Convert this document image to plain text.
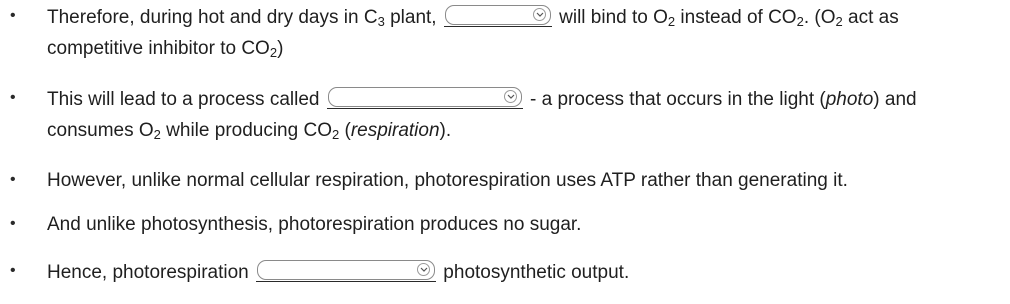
• Therefore, during hot and dry days in $C_3$ plant,	will bind to $O_2$ instead of $CO_2$. ($O_2$ act as
competitive inhibitor to $CO_2$)
• This will lead to a process called	- a process that occurs in the light (photo) and
consumes $O_2$ while producing $CO_2$ (respiration).
• However, unlike normal cellular respiration, photorespiration uses ATP rather than generating it.
• And unlike photosynthesis, photorespiration produces no sugar.
• Hence, photorespiration	photosynthetic output.
